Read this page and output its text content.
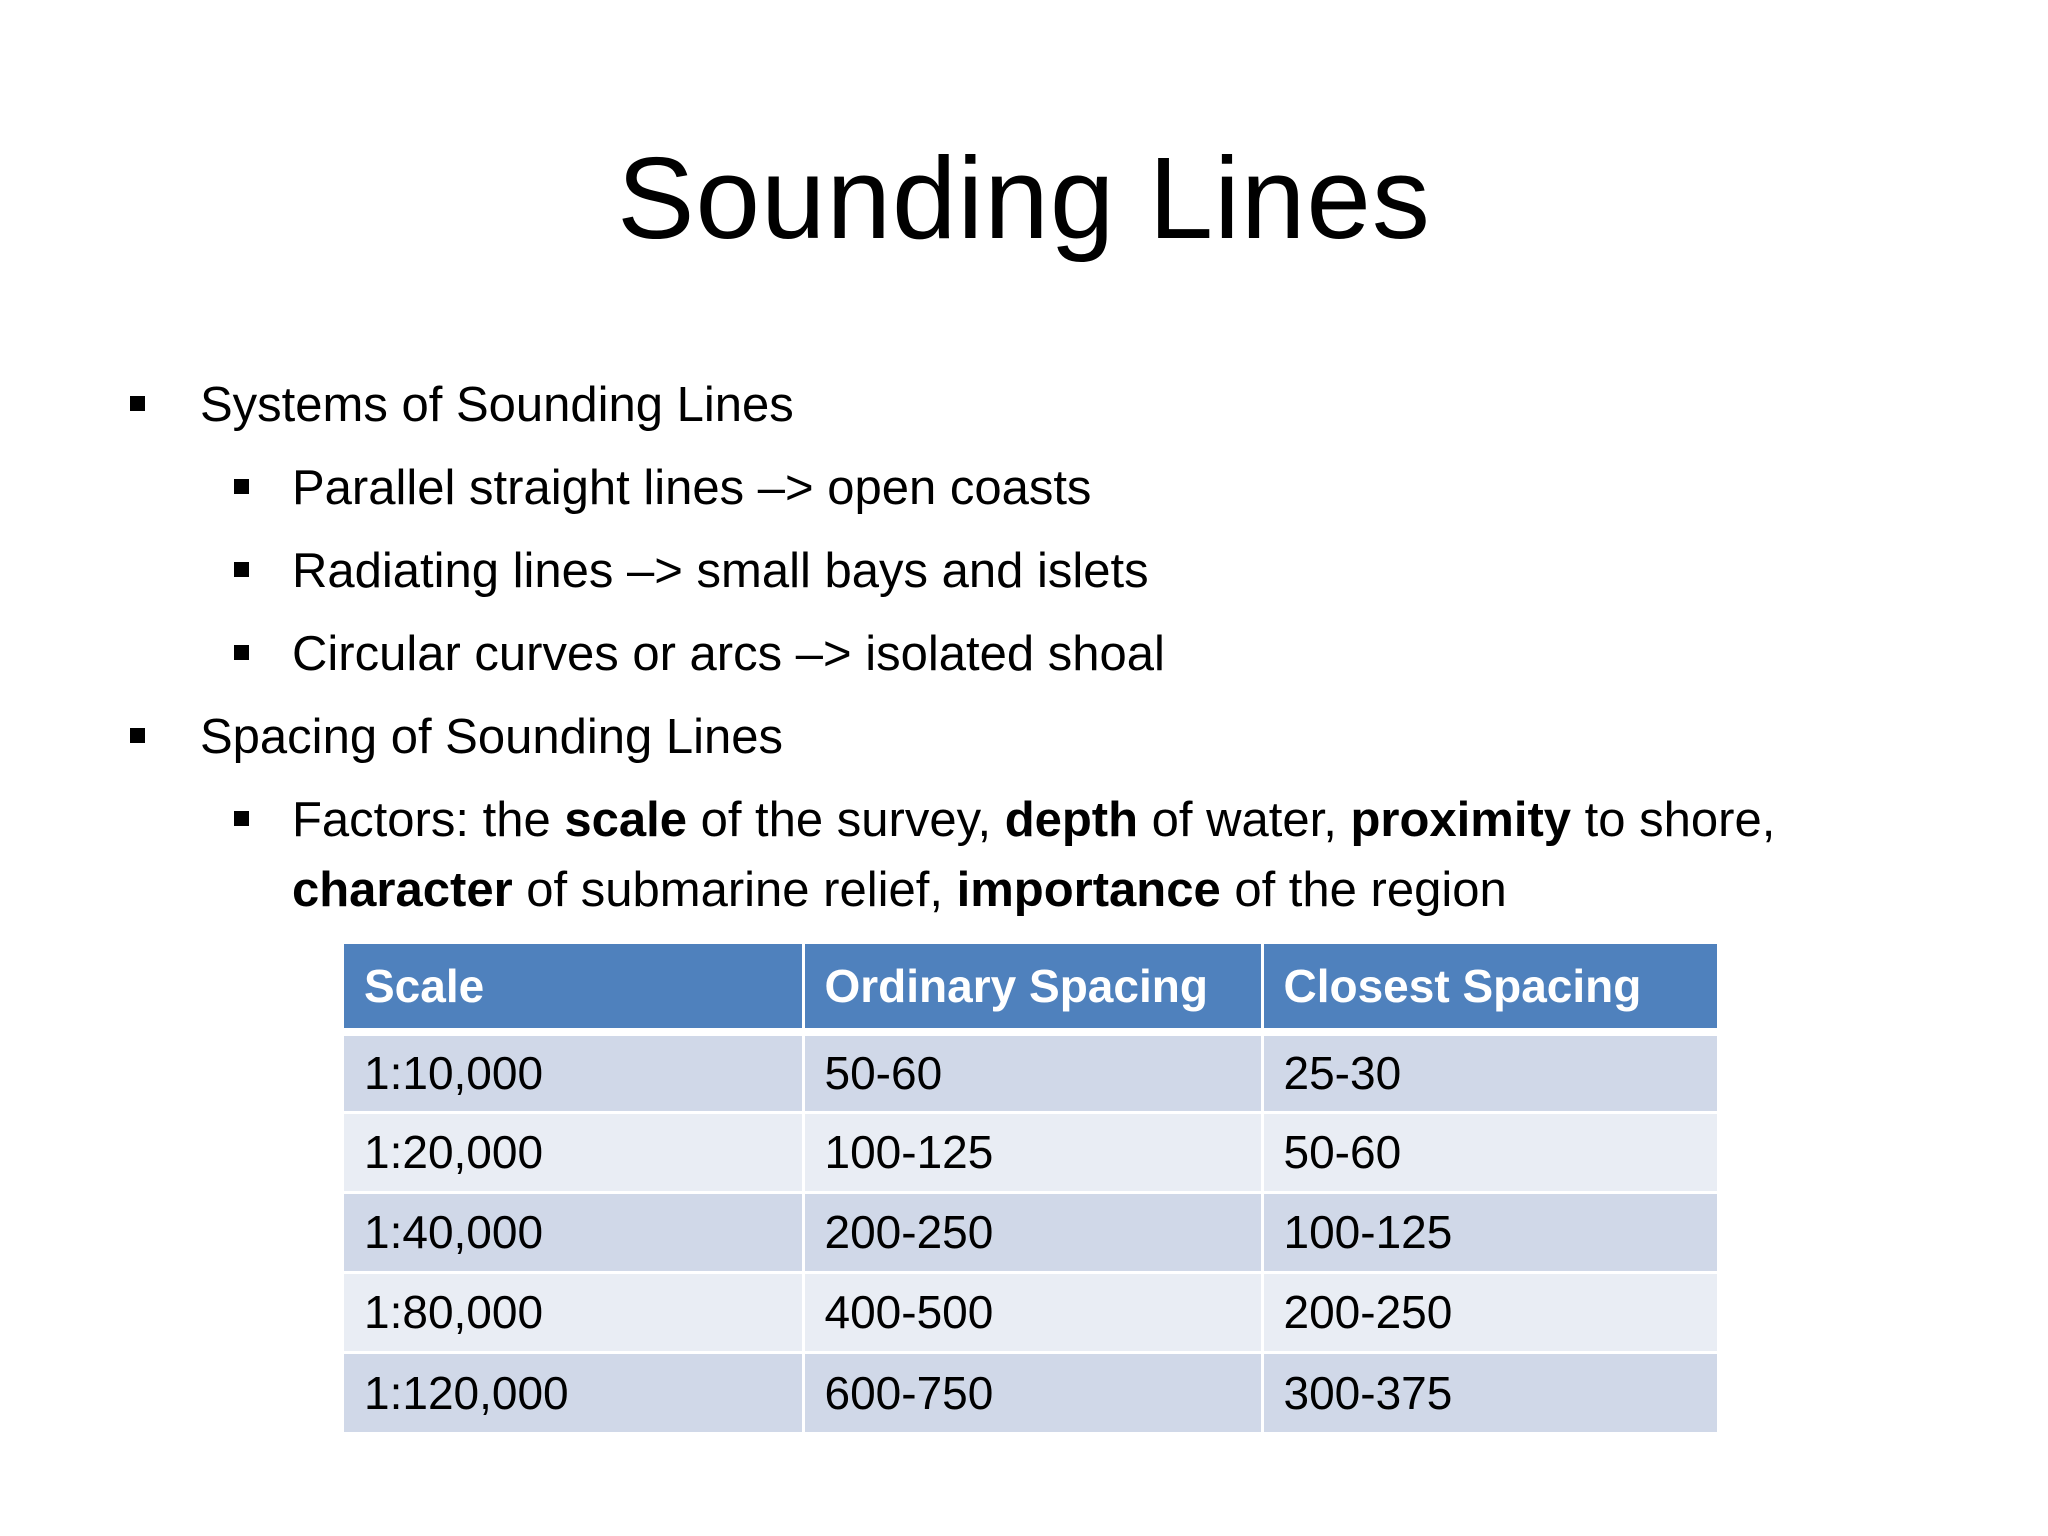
Sounding Lines
Systems of Sounding Lines
Parallel straight lines –> open coasts
Radiating lines –> small bays and islets
Circular curves or arcs –> isolated shoal
Spacing of Sounding Lines
Factors: the scale of the survey, depth of water, proximity to shore,
character of submarine relief, importance of the region
Scale	Ordinary Spacing	Closest Spacing
1:10,000	50-60	25-30
1:20,000	100-125	50-60
1:40,000	200-250	100-125
1:80,000	400-500	200-250
1:120,000	600-750	300-375
